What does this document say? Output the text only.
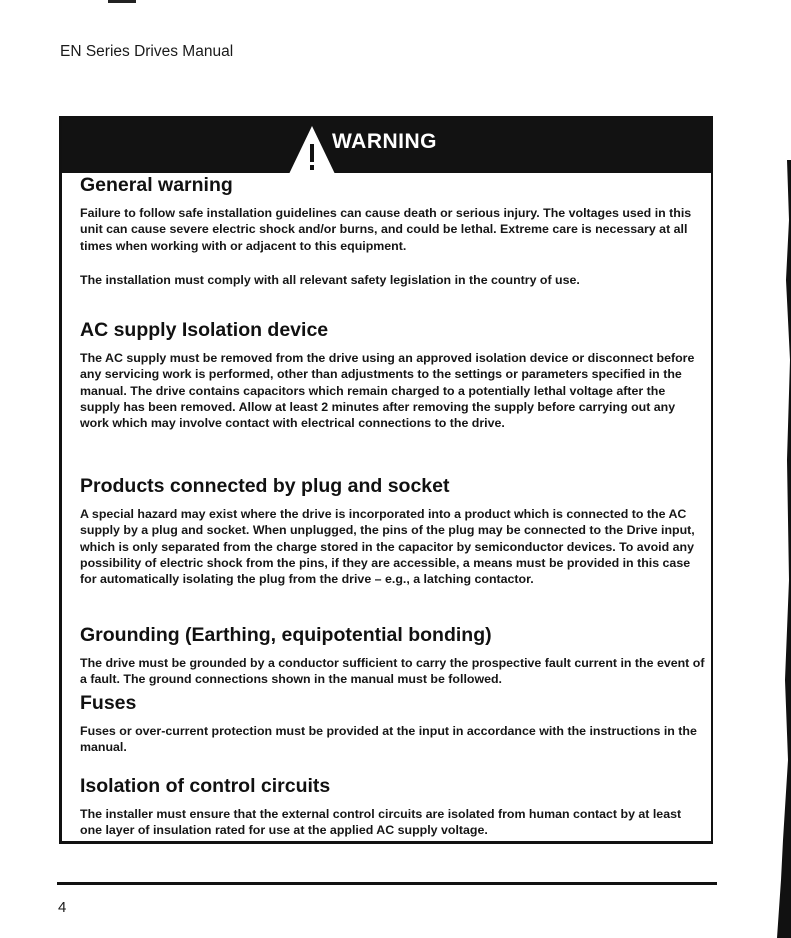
EN Series Drives Manual
WARNING
General warning
Failure to follow safe installation guidelines can cause death or serious injury. The voltages used in this unit can cause severe electric shock and/or burns, and could be lethal. Extreme care is necessary at all times when working with or adjacent to this equipment.
The installation must comply with all relevant safety legislation in the country of use.
AC supply Isolation device
The AC supply must be removed from the drive using an approved isolation device or disconnect before any servicing work is performed, other than adjustments to the settings or parameters specified in the manual. The drive contains capacitors which remain charged to a potentially lethal voltage after the supply has been removed. Allow at least 2 minutes after removing the supply before carrying out any work which may involve contact with electrical connections to the drive.
Products connected by plug and socket
A special hazard may exist where the drive is incorporated into a product which is connected to the AC supply by a plug and socket. When unplugged, the pins of the plug may be connected to the Drive input, which is only separated from the charge stored in the capacitor by semiconductor devices. To avoid any possibility of electric shock from the pins, if they are accessible, a means must be provided in this case for automatically isolating the plug from the drive – e.g., a latching contactor.
Grounding (Earthing, equipotential bonding)
The drive must be grounded by a conductor sufficient to carry the prospective fault current in the event of a fault. The ground connections shown in the manual must be followed.
Fuses
Fuses or over-current protection must be provided at the input in accordance with the instructions in the manual.
Isolation of control circuits
The installer must ensure that the external control circuits are isolated from human contact by at least one layer of insulation rated for use at the applied AC supply voltage.
4
